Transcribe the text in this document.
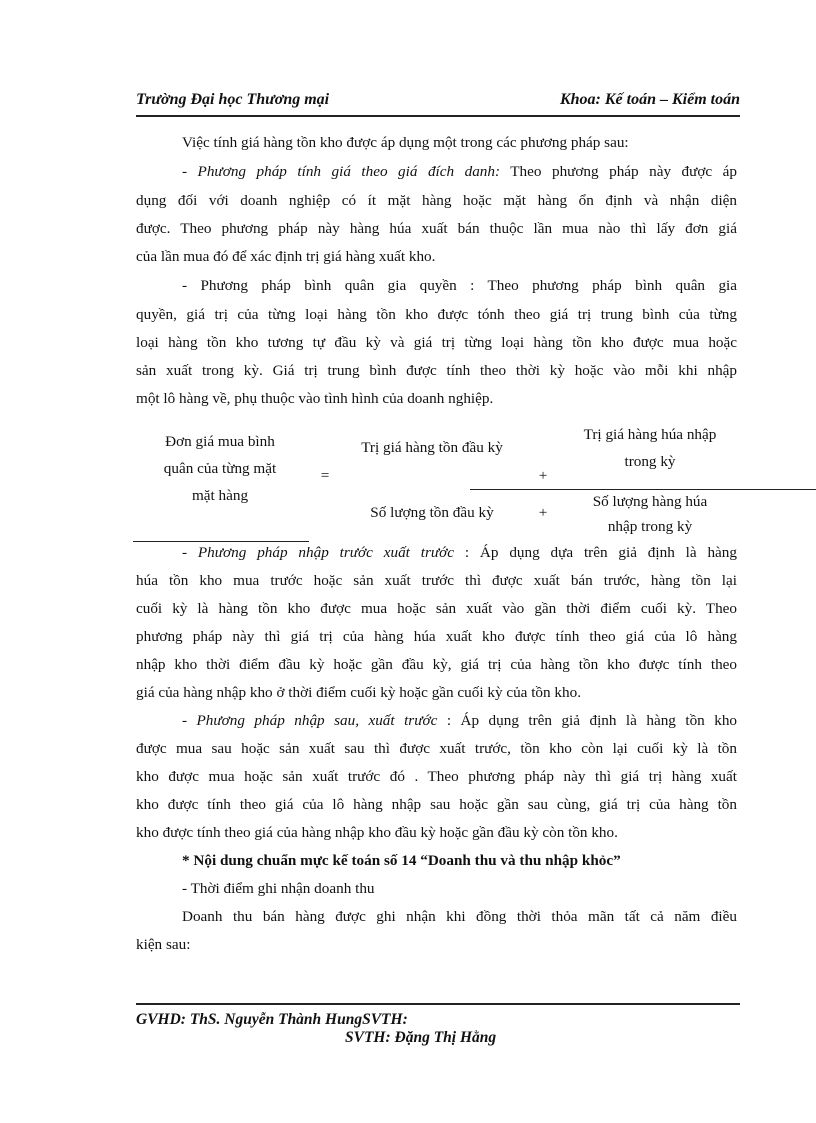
Trường Đại học Thương mại	Khoa: Kế toán – Kiểm toán
Việc tính giá hàng tồn kho được áp dụng một trong các phương pháp sau:
- Phương pháp tính giá theo giá đích danh: Theo phương pháp này được áp
dụng đối với doanh nghiệp có ít mặt hàng hoặc mặt hàng ổn định và nhận diện
được. Theo phương pháp này hàng húa xuất bán thuộc lần mua nào thì lấy đơn giá
của lần mua đó để xác định trị giá hàng xuất kho.
- Phương pháp bình quân gia quyền : Theo phương pháp bình quân gia
quyền, giá trị của từng loại hàng tồn kho được tónh theo giá trị trung bình của từng
loại hàng tồn kho tương tự đầu kỳ và giá trị từng loại hàng tồn kho được mua hoặc
sản xuất trong kỳ. Giá trị trung bình được tính theo thời kỳ hoặc vào mỗi khi nhập
một lô hàng về, phụ thuộc vào tình hình của doanh nghiệp.
Đơn giá mua bình
quân của từng mặt
mặt hàng
=
Trị giá hàng tồn đầu kỳ
+
Trị giá hàng húa nhập
trong kỳ
Số lượng tồn đầu kỳ	+
Số lượng hàng húa
nhập trong kỳ
- Phương pháp nhập trước xuất trước : Áp dụng dựa trên giả định là hàng
húa tồn kho mua trước hoặc sản xuất trước thì được xuất bán trước, hàng tồn lại
cuối kỳ là hàng tồn kho được mua hoặc sản xuất vào gần thời điểm cuối kỳ. Theo
phương pháp này thì giá trị của hàng húa xuất kho được tính theo giá của lô hàng
nhập kho thời điểm đầu kỳ hoặc gần đầu kỳ, giá trị của hàng tồn kho được tính theo
giá của hàng nhập kho ở thời điểm cuối kỳ hoặc gần cuối kỳ của tồn kho.
- Phương pháp nhập sau, xuất trước : Áp dụng trên giả định là hàng tồn kho
được mua sau hoặc sản xuất sau thì được xuất trước, tồn kho còn lại cuối kỳ là tồn
kho được mua hoặc sản xuất trước đó . Theo phương pháp này thì giá trị hàng xuất
kho được tính theo giá của lô hàng nhập sau hoặc gần sau cùng, giá trị của hàng tồn
kho được tính theo giá của hàng nhập kho đầu kỳ hoặc gần đầu kỳ còn tồn kho.
* Nội dung chuẩn mực kế toán số 14 “Doanh thu và thu nhập khỏc”
- Thời điểm ghi nhận doanh thu
Doanh thu bán hàng được ghi nhận khi đồng thời thỏa mãn tất cả năm điều
kiện sau:
GVHD: ThS. Nguyễn Thành HungSVTH:
SVTH: Đặng Thị Hằng
